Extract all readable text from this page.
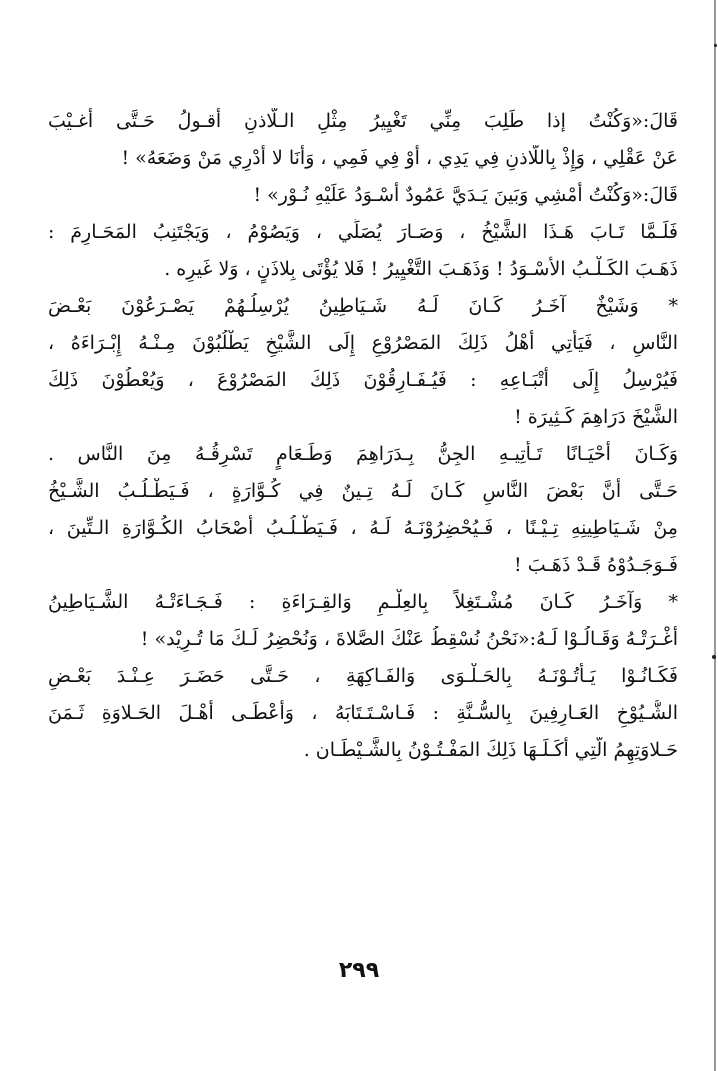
قَالَ:«وَكُنْتُ إذا طَلِبَ مِنِّي تَغْيِيرُ مِثْلِ الـلّاذنِ أقـولُ حَـتَّى أغـيْبَ
عَنْ عَقْلِي ، وَإِذْ بِاللَّاذنِ فِي يَدِي ، أَوْ فِي فَمِي ، وَأَنَا لا أَدْرِي مَنْ وَضَعَهُ» !
قَالَ:«وَكُنْتُ أَمْشِي وَبَينَ يَـدَيَّ عَمُودٌ أَسْـوَدُ عَلَيْهِ نُـوْر» !
فَلَـمَّا تَـابَ هَـذَا الشَّيْخُ ، وَصَـارَ يُصَلِّي ، وَيَصُوْمُ ، وَيَجْتَنِبُ المَحَـارِمَ :
ذَهَـبَ الكَـلْـبُ الأَسْـوَدُ ! وَذَهَـبَ التَّغْيِيرُ ! فَلا يُؤْتَى بِلاذَنٍ ، وَلا غَيرِه .
* وَشَيْخٌ آخَـرُ كَـانَ لَـهُ شَـيَاطِينُ يُرْسِلُـهُمْ يَصْـرَعُوْنَ بَعْـضَ
النَّاسِ ، فَيَأْتِي أَهْلُ ذَلِكَ المَصْرُوْعِ إِلَى الشَّيْخِ يَطْلُبُوْنَ مِـنْـهُ إِبْـرَاءَهُ ،
فَيُرْسِلُ إِلَى أَتْبَـاعِهِ : فَيُـفَـارِقُوْنَ ذَلِكَ المَصْرُوْعَ ، وَيُعْطُوْنَ ذَلِكَ
الشَّيْخَ دَرَاهِمَ كَـثِيرَة !
وَكَـانَ أَحْيَـانًا تَـأْتِيـهِ الجِنُّ بِـدَرَاهِمَ وَطَـعَامٍ تَسْرِقُـهُ مِنَ النَّاس .
حَـتَّى أَنَّ بَعْضَ النَّاسِ كَـانَ لَـهُ تِـينٌ فِي كُـوَّارَةٍ ، فَـيَطْـلُـبُ الشَّـيْخُ
مِنْ شَـيَاطِينِهِ تِـيْـنًا ، فَـيُحْضِرُوْنَـهُ لَـهُ ، فَـيَطْـلُـبُ أَصْحَابُ الكُـوَّارَةِ الـتِّينَ ،
فَـوَجَـدُوْهُ قَـدْ ذَهَـبَ !
* وَآخَـرُ كَـانَ مُشْـتَغِلاً بِالعِلْـمِ وَالقِـرَاءَةِ : فَـجَـاءَتْـهُ الشَّـيَاطِينُ
أَغْـرَتْـهُ وَقَـالُـوْا لَـهُ:«نَحْنُ نُسْقِطُ عَنْكَ الصَّلاةَ ، وَنُحْضِرُ لَـكَ مَا تُـرِيْد» !
فَكَـانُـوْا يَـأْتُـوْنَـهُ بِالحَـلْـوَى وَالفَـاكِهَةِ ، حَـتَّى حَضَـرَ عِـنْـدَ بَعْـضِ
الشُّـيُوْخِ العَـارِفِينَ بِالسُّـنَّةِ : فَـاسْـتَـتَابَهُ ، وَأَعْطَـى أَهْـلَ الحَـلاوَةِ ثَـمَنَ
حَـلاوَتِهِمُ الَّتِي أَكَـلَـهَا ذَلِكَ المَفْـتُـوْنُ بِالشَّـيْطَـان .
٢٩٩
